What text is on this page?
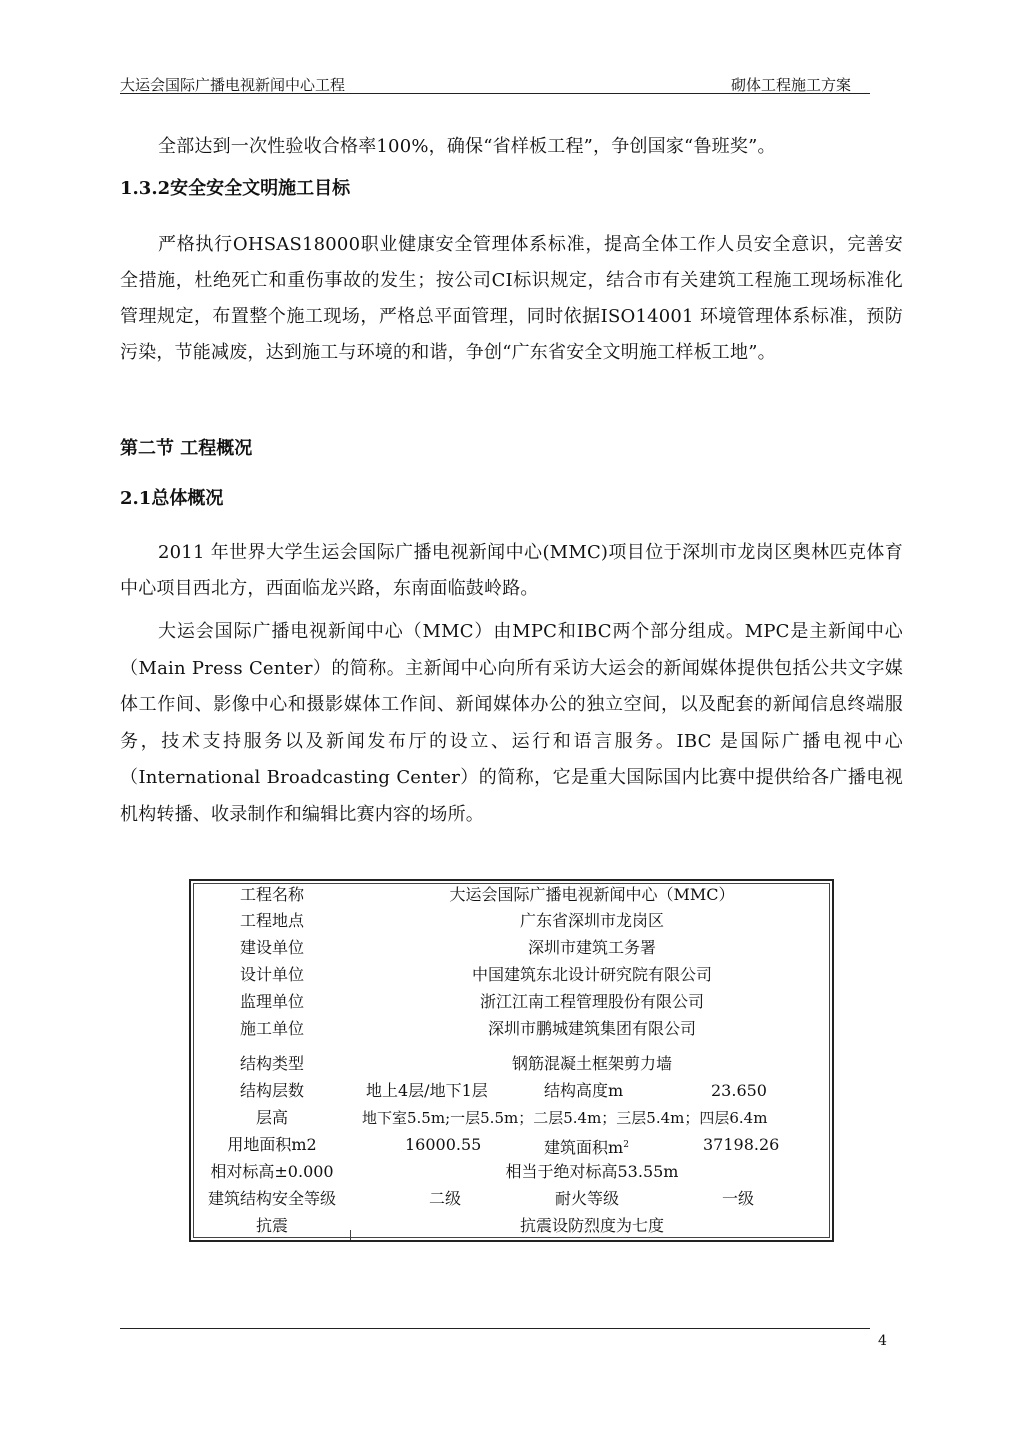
大运会国际广播电视新闻中心工程	砌体工程施工方案
全部达到一次性验收合格率100%，确保“省样板工程”，争创国家“鲁班奖”。
1.3.2安全安全文明施工目标
严格执行OHSAS18000职业健康安全管理体系标准，提高全体工作人员安全意识，完善安全措施，杜绝死亡和重伤事故的发生；按公司CI标识规定，结合市有关建筑工程施工现场标准化管理规定，布置整个施工现场，严格总平面管理，同时依据ISO14001 环境管理体系标准，预防污染，节能减废，达到施工与环境的和谐，争创“广东省安全文明施工样板工地”。
第二节 工程概况
2.1总体概况
2011 年世界大学生运会国际广播电视新闻中心(MMC)项目位于深圳市龙岗区奥林匹克体育中心项目西北方，西面临龙兴路，东南面临鼓岭路。
大运会国际广播电视新闻中心（MMC）由MPC和IBC两个部分组成。MPC是主新闻中心（Main Press Center）的简称。主新闻中心向所有采访大运会的新闻媒体提供包括公共文字媒体工作间、影像中心和摄影媒体工作间、新闻媒体办公的独立空间，以及配套的新闻信息终端服务，技术支持服务以及新闻发布厅的设立、运行和语言服务。IBC 是国际广播电视中心（International Broadcasting Center）的简称，它是重大国际国内比赛中提供给各广播电视机构转播、收录制作和编辑比赛内容的场所。
工程名称	大运会国际广播电视新闻中心（MMC）
工程地点	广东省深圳市龙岗区
建设单位	深圳市建筑工务署
设计单位	中国建筑东北设计研究院有限公司
监理单位	浙江江南工程管理股份有限公司
施工单位	深圳市鹏城建筑集团有限公司
结构类型	钢筋混凝土框架剪力墙
结构层数	地上4层/地下1层	结构高度m	23.650
层高	地下室5.5m;一层5.5m；二层5.4m；三层5.4m；四层6.4m
用地面积m2	16000.55	建筑面积$m^2$	37198.26
相对标高±0.000	相当于绝对标高53.55m
建筑结构安全等级	二级	耐火等级	一级
抗震	抗震设防烈度为七度
4
